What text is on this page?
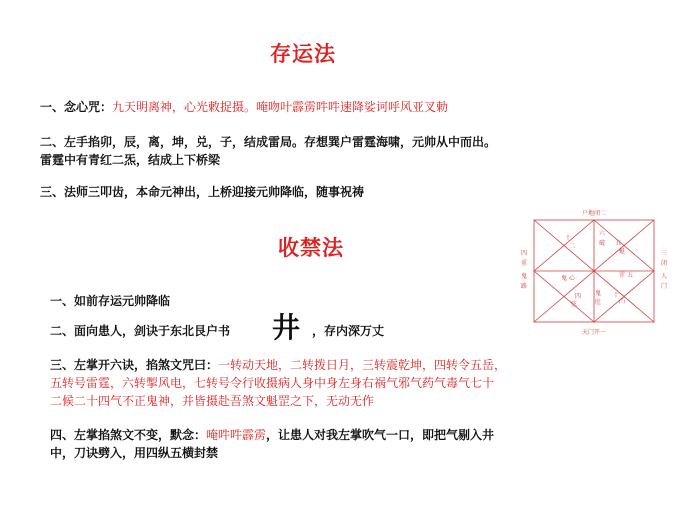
存运法
一、念心咒：九天明离神，心光敕捉摄。唵吻叶霹雳吽吽速降娑诃呼风亚叉勅
二、左手掐卯，辰，离，坤，兑，子，结成雷局。存想巽户雷霆海啸，元帅从中而出。
雷霆中有青红二炁，结成上下桥梁
三、法师三叩齿，本命元神出，上桥迎接元帅降临，随事祝祷
收禁法
一、如前存运元帅降临
二、面向患人，剑诀于东北艮户书 井 ，存内深万丈
三、左掌开六诀，掐煞文咒曰：一转动天地，二转拨日月，三转震乾坤，四转令五岳，
五转号雷霆，六转掣风电，七转号令行收摄病人身中身左身右祸气邪气药气毒气七十
二候二十四气不正鬼神，并皆摄赴吾煞文魁罡之下，无动无作
四、左掌掐煞文不变，默念：唵吽吽霹雳，让患人对我左掌吹气一口，即把气剔入井
中，刀诀劈入，用四纵五横封禁
户地闭二
天门开一
四
重
鬼
路
三
闭
人
门
六
破
十
二	五
魁
鬼 心	罡 五
鬼
肚
四
弦
十
凸
